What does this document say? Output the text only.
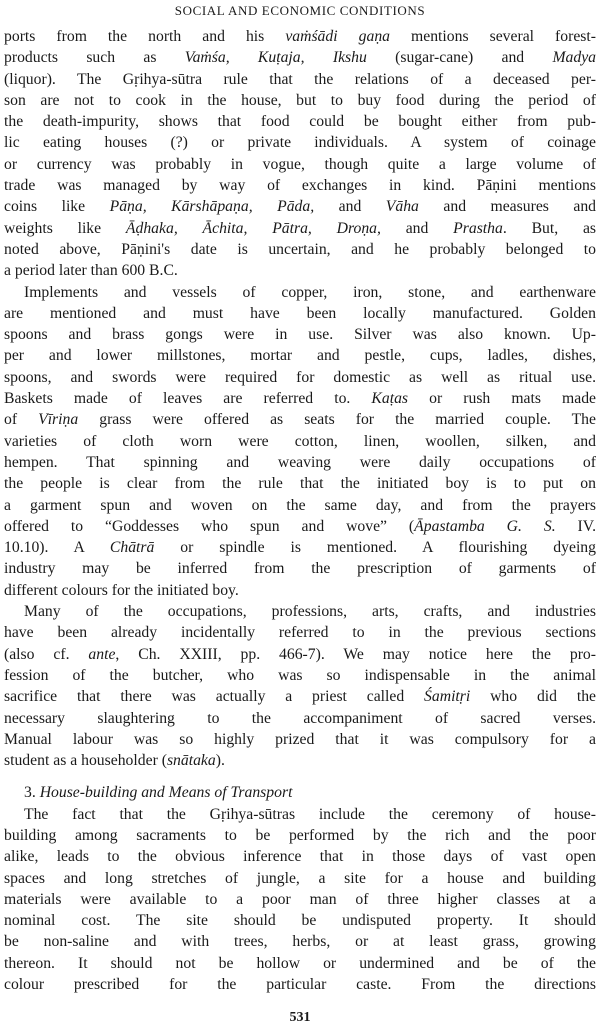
SOCIAL AND ECONOMIC CONDITIONS

ports from the north and his vaṁśādi gaṇa mentions several forest-

products such as Vaṁśa, Kuṭaja, Ikshu (sugar-cane) and Madya

(liquor). The Gṛihya-sūtra rule that the relations of a deceased per-

son are not to cook in the house, but to buy food during the period of

the death-impurity, shows that food could be bought either from pub-

lic eating houses (?) or private individuals. A system of coinage

or currency was probably in vogue, though quite a large volume of

trade was managed by way of exchanges in kind. Pāṇini mentions

coins like Pāṇa, Kārshāpaṇa, Pāda, and Vāha and measures and

weights like Āḍhaka, Āchita, Pātra, Droṇa, and Prastha. But, as

noted above, Pāṇini's date is uncertain, and he probably belonged to

a period later than 600 B.C.

Implements and vessels of copper, iron, stone, and earthenware

are mentioned and must have been locally manufactured. Golden

spoons and brass gongs were in use. Silver was also known. Up-

per and lower millstones, mortar and pestle, cups, ladles, dishes,

spoons, and swords were required for domestic as well as ritual use.

Baskets made of leaves are referred to. Kaṭas or rush mats made

of Vīriṇa grass were offered as seats for the married couple. The

varieties of cloth worn were cotton, linen, woollen, silken, and

hempen. That spinning and weaving were daily occupations of

the people is clear from the rule that the initiated boy is to put on

a garment spun and woven on the same day, and from the prayers

offered to “Goddesses who spun and wove” (Āpastamba G. S. IV.

10.10). A Chātrā or spindle is mentioned. A flourishing dyeing

industry may be inferred from the prescription of garments of

different colours for the initiated boy.

Many of the occupations, professions, arts, crafts, and industries

have been already incidentally referred to in the previous sections

(also cf. ante, Ch. XXIII, pp. 466-7). We may notice here the pro-

fession of the butcher, who was so indispensable in the animal

sacrifice that there was actually a priest called Śamitṛi who did the

necessary slaughtering to the accompaniment of sacred verses.

Manual labour was so highly prized that it was compulsory for a

student as a householder (snātaka).

3. House-building and Means of Transport

The fact that the Gṛihya-sūtras include the ceremony of house-

building among sacraments to be performed by the rich and the poor

alike, leads to the obvious inference that in those days of vast open

spaces and long stretches of jungle, a site for a house and building

materials were available to a poor man of three higher classes at a

nominal cost. The site should be undisputed property. It should

be non-saline and with trees, herbs, or at least grass, growing

thereon. It should not be hollow or undermined and be of the

colour prescribed for the particular caste. From the directions

531
